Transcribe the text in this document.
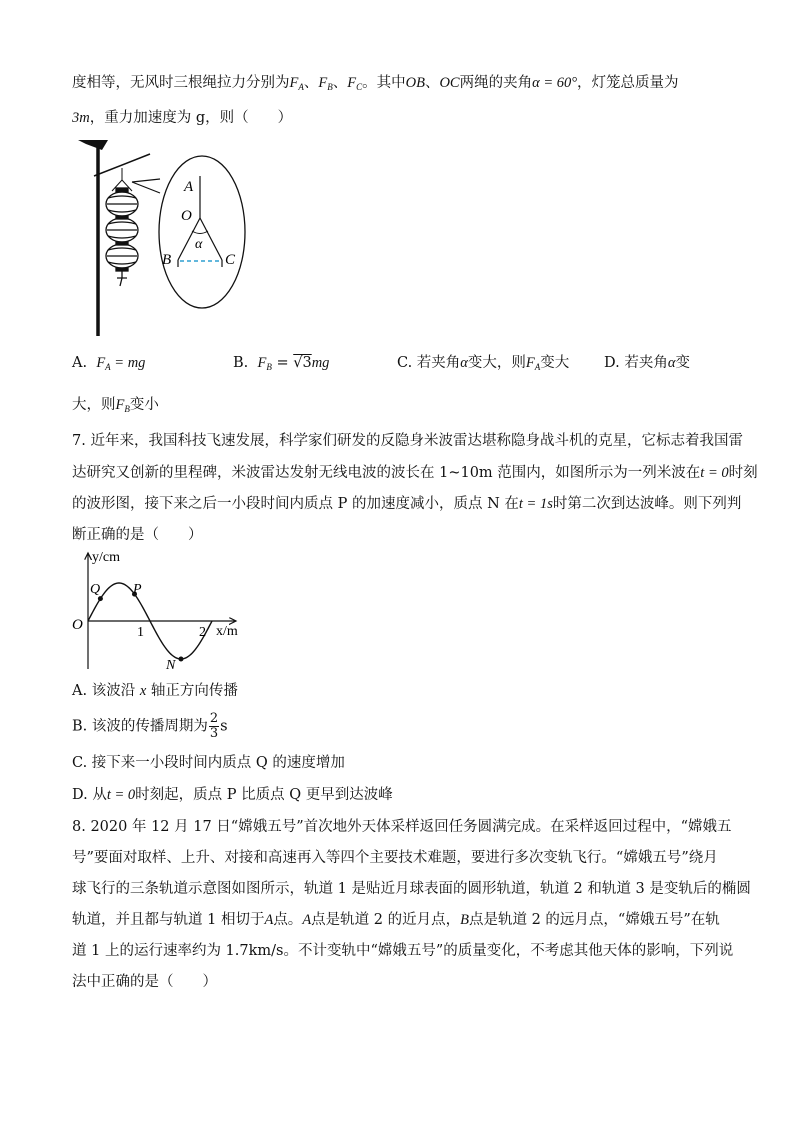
度相等，无风时三根绳拉力分别为$F_A$、$F_B$、$F_C$。其中OB、OC两绳的夹角α = 60°，灯笼总质量为
3m，重力加速度为 g，则（　　）
A
O
α
B	C
A. $F_A$ = mg	B. $F_B = √3mg$	C. 若夹角α变大，则$F_A$变大 D. 若夹角α变
大，则$F_B$变小
7. 近年来，我国科技飞速发展，科学家们研发的反隐身米波雷达堪称隐身战斗机的克星，它标志着我国雷
达研究又创新的里程碑，米波雷达发射无线电波的波长在 1~10m 范围内，如图所示为一列米波在t = 0时刻
的波形图，接下来之后一小段时间内质点 P 的加速度减小，质点 N 在t = 1s时第二次到达波峰。则下列判
断正确的是（　　）
y/cm
x/m
O	1	2
Q P
N
A. 该波沿 x 轴正方向传播
B. 该波的传播周期为 $\frac{2}{3}$ s
C. 接下来一小段时间内质点 Q 的速度增加
D. 从t = 0时刻起，质点 P 比质点 Q 更早到达波峰
8. 2020 年 12 月 17 日“嫦娥五号”首次地外天体采样返回任务圆满完成。在采样返回过程中，“嫦娥五
号”要面对取样、上升、对接和高速再入等四个主要技术难题，要进行多次变轨飞行。“嫦娥五号”绕月
球飞行的三条轨道示意图如图所示，轨道 1 是贴近月球表面的圆形轨道，轨道 2 和轨道 3 是变轨后的椭圆
轨道，并且都与轨道 1 相切于A点。A点是轨道 2 的近月点，B点是轨道 2 的远月点，“嫦娥五号”在轨
道 1 上的运行速率约为 1.7km/s。不计变轨中“嫦娥五号”的质量变化，不考虑其他天体的影响，下列说
法中正确的是（　　）
